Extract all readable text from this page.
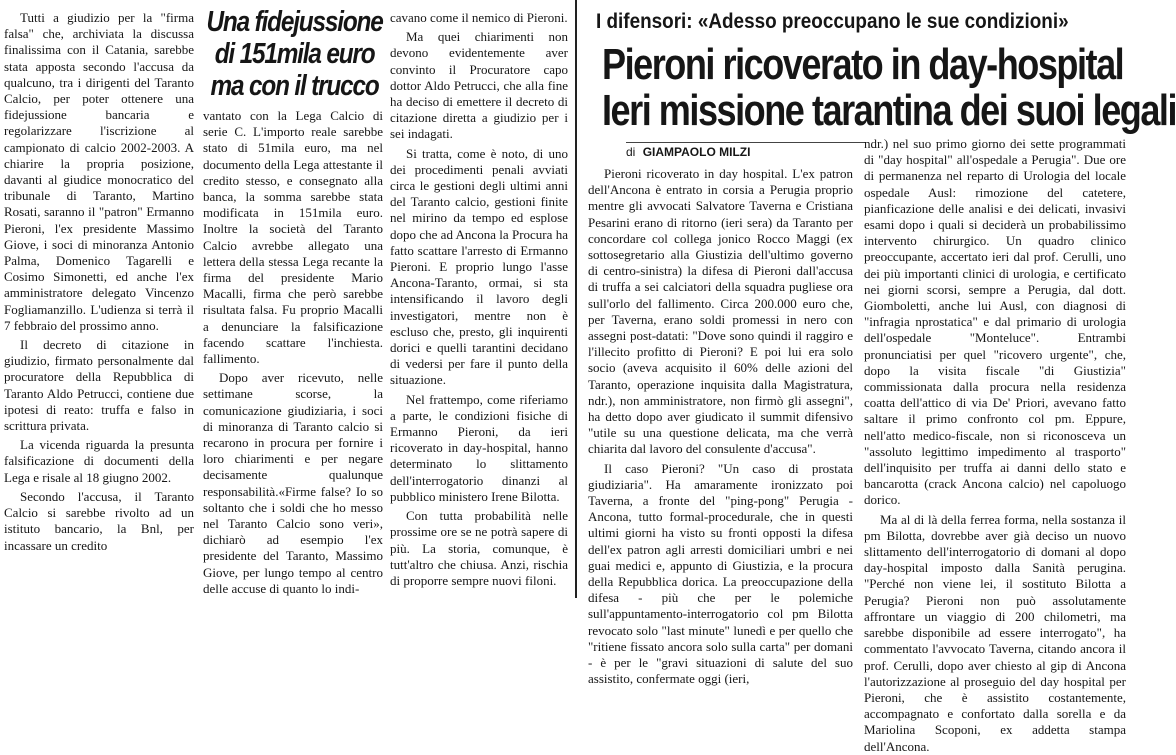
Tutti a giudizio per la "firma falsa" che, archiviata la discussa finalissima con il Catania, sarebbe stata apposta secondo l'accusa da qualcuno, tra i dirigenti del Taranto Calcio, per poter ottenere una fidejussione bancaria e regolarizzare l'iscrizione al campionato di calcio 2002-2003. A chiarire la propria posizione, davanti al giudice monocratico del tribunale di Taranto, Martino Rosati, saranno il "patron" Ermanno Pieroni, l'ex presidente Massimo Giove, i soci di minoranza Antonio Palma, Domenico Tagarelli e Cosimo Simonetti, ed anche l'ex amministratore delegato Vincenzo Fogliamanzillo. L'udienza si terrà il 7 febbraio del prossimo anno.

Il decreto di citazione in giudizio, firmato personalmente dal procuratore della Repubblica di Taranto Aldo Petrucci, contiene due ipotesi di reato: truffa e falso in scrittura privata.

La vicenda riguarda la presunta falsificazione di documenti della Lega e risale al 18 giugno 2002.

Secondo l'accusa, il Taranto Calcio si sarebbe rivolto ad un istituto bancario, la Bnl, per incassare un credito

Una fidejussione di 151mila euro ma con il trucco

vantato con la Lega Calcio di serie C. L'importo reale sarebbe stato di 51mila euro, ma nel documento della Lega attestante il credito stesso, e consegnato alla banca, la somma sarebbe stata modificata in 151mila euro. Inoltre la società del Taranto Calcio avrebbe allegato una lettera della stessa Lega recante la firma del presidente Mario Macalli, firma che però sarebbe risultata falsa. Fu proprio Macalli a denunciare la falsificazione facendo scattare l'inchiesta. fallimento.

Dopo aver ricevuto, nelle settimane scorse, la comunicazione giudiziaria, i soci di minoranza di Taranto calcio si recarono in procura per fornire i loro chiarimenti e per negare decisamente qualunque responsabilità.«Firme false? Io so soltanto che i soldi che ho messo nel Taranto Calcio sono veri», dichiarò ad esempio l'ex presidente del Taranto, Massimo Giove, per lungo tempo al centro delle accuse di quanto lo indi-

cavano come il nemico di Pieroni.

Ma quei chiarimenti non devono evidentemente aver convinto il Procuratore capo dottor Aldo Petrucci, che alla fine ha deciso di emettere il decreto di citazione diretta a giudizio per i sei indagati.

Si tratta, come è noto, di uno dei procedimenti penali avviati circa le gestioni degli ultimi anni del Taranto calcio, gestioni finite nel mirino da tempo ed esplose dopo che ad Ancona la Procura ha fatto scattare l'arresto di Ermanno Pieroni. E proprio lungo l'asse Ancona-Taranto, ormai, si sta intensificando il lavoro degli investigatori, mentre non è escluso che, presto, gli inquirenti dorici e quelli tarantini decidano di vedersi per fare il punto della situazione.

Nel frattempo, come riferiamo a parte, le condizioni fisiche di Ermanno Pieroni, da ieri ricoverato in day-hospital, hanno determinato lo slittamento dell'interrogatorio dinanzi al pubblico ministero Irene Bilotta.

Con tutta probabilità nelle prossime ore se ne potrà sapere di più. La storia, comunque, è tutt'altro che chiusa. Anzi, rischia di proporre sempre nuovi filoni.

I difensori: «Adesso preoccupano le sue condizioni»
Pieroni ricoverato in day-hospital
Ieri missione tarantina dei suoi legali
di GIAMPAOLO MILZI

Pieroni ricoverato in day hospital. L'ex patron dell'Ancona è entrato in corsia a Perugia proprio mentre gli avvocati Salvatore Taverna e Cristiana Pesarini erano di ritorno (ieri sera) da Taranto per concordare col collega jonico Rocco Maggi (ex sottosegretario alla Giustizia dell'ultimo governo di centro-sinistra) la difesa di Pieroni dall'accusa di truffa a sei calciatori della squadra pugliese ora sull'orlo del fallimento. Circa 200.000 euro che, per Taverna, erano soldi promessi in nero con assegni post-datati: "Dove sono quindi il raggiro e l'illecito profitto di Pieroni? E poi lui era solo socio (aveva acquisito il 60% delle azioni del Taranto, operazione inquisita dalla Magistratura, ndr.), non amministratore, non firmò gli assegni", ha detto dopo aver giudicato il summit difensivo "utile su una questione delicata, ma che verrà chiarita dal lavoro del consulente d'accusa".

Il caso Pieroni? "Un caso di prostata giudiziaria". Ha amaramente ironizzato poi Taverna, a fronte del "ping-pong" Perugia -Ancona, tutto formal-procedurale, che in questi ultimi giorni ha visto su fronti opposti la difesa dell'ex patron agli arresti domiciliari umbri e nei guai medici e, appunto di Giustizia, e la procura della Repubblica dorica. La preoccupazione della difesa - più che per le polemiche sull'appuntamento-interrogatorio col pm Bilotta revocato solo "last minute" lunedì e per quello che "ritiene fissato ancora solo sulla carta" per domani - è per le "gravi situazioni di salute del suo assistito, confermate oggi (ieri,

ndr.) nel suo primo giorno dei sette programmati di "day hospital" all'ospedale a Perugia". Due ore di permanenza nel reparto di Urologia del locale ospedale Ausl: rimozione del catetere, pianficazione delle analisi e dei delicati, invasivi esami dopo i quali si deciderà un probabilissimo intervento chirurgico. Un quadro clinico preoccupante, accertato ieri dal prof. Cerulli, uno dei più importanti clinici di urologia, e certificato nei giorni scorsi, sempre a Perugia, dal dott. Giomboletti, anche lui Ausl, con diagnosi di "infragia nprostatica" e dal primario di urologia dell'ospedale "Monteluce". Entrambi pronunciatisi per quel "ricovero urgente", che, dopo la visita fiscale "di Giustizia" commissionata dalla procura nella residenza coatta dell'attico di via De' Priori, avevano fatto saltare il primo confronto col pm. Eppure, nell'atto medico-fiscale, non si riconosceva un "assoluto legittimo impedimento al trasporto" dell'inquisito per truffa ai danni dello stato e bancarotta (crack Ancona calcio) nel capoluogo dorico.

Ma al di là della ferrea forma, nella sostanza il pm Bilotta, dovrebbe aver già deciso un nuovo slittamento dell'interrogatorio di domani al dopo day-hospital imposto dalla Sanità perugina. "Perché non viene lei, il sostituto Bilotta a Perugia? Pieroni non può assolutamente affrontare un viaggio di 200 chilometri, ma sarebbe disponibile ad essere interrogato", ha commentato l'avvocato Taverna, citando ancora il prof. Cerulli, dopo aver chiesto al gip di Ancona l'autorizzazione al proseguio del day hospital per Pieroni, che è assistito costantemente, accompagnato e confortato dalla sorella e da Mariolina Scoponi, ex addetta stampa dell'Ancona.
